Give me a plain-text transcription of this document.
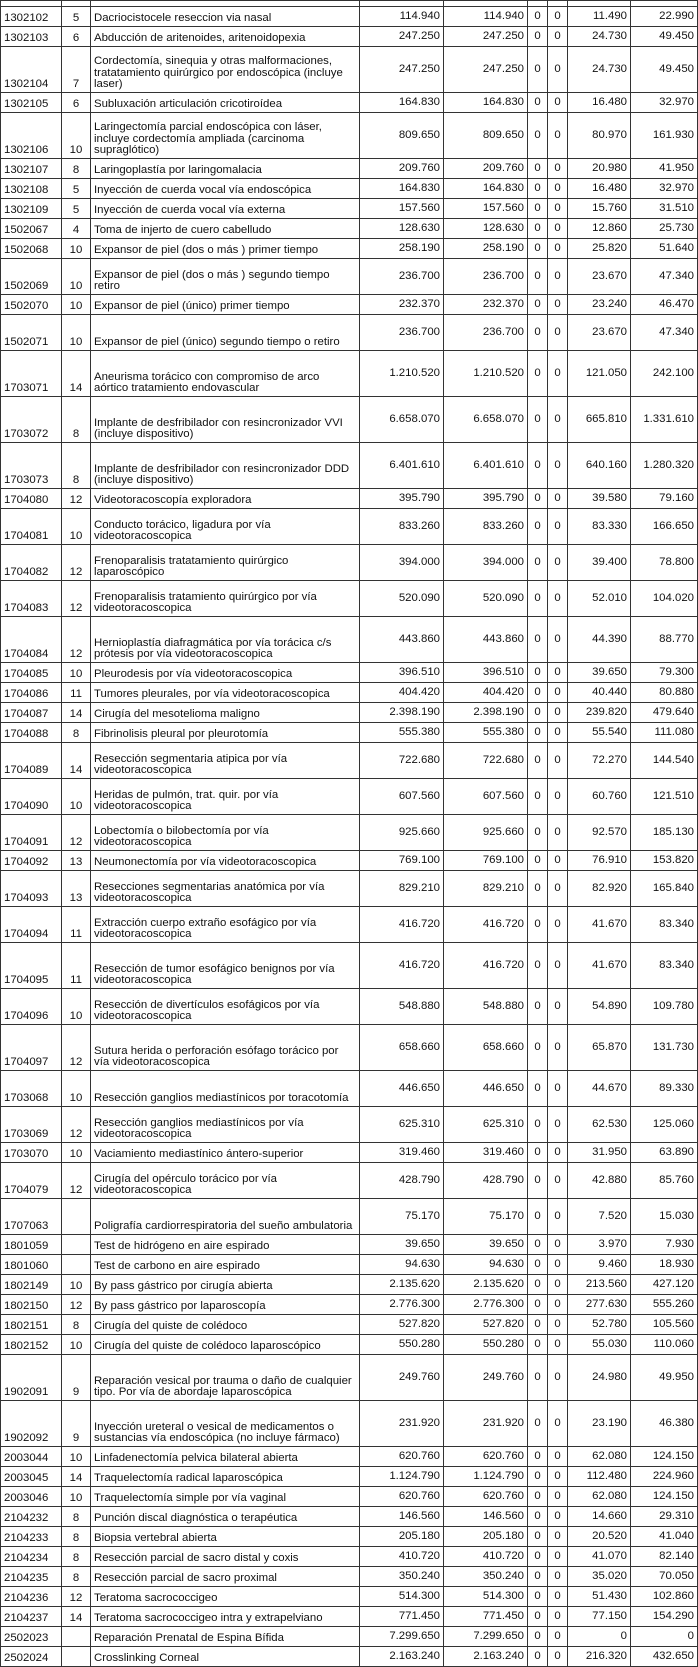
1302102	5	Dacriocistocele reseccion via nasal	114.940	114.940	0	0	11.490	22.990
1302103	6	Abducción de aritenoides, aritenoidopexia	247.250	247.250	0	0	24.730	49.450
1302104	7	Cordectomía, sinequia y otras malformaciones, tratatamiento quirúrgico por endoscópica (incluye laser)	247.250	247.250	0	0	24.730	49.450
1302105	6	Subluxación articulación cricotiroídea	164.830	164.830	0	0	16.480	32.970
1302106	10	Laringectomía parcial endoscópica con láser, incluye cordectomía ampliada (carcinoma supraglótico)	809.650	809.650	0	0	80.970	161.930
1302107	8	Laringoplastía por laringomalacia	209.760	209.760	0	0	20.980	41.950
1302108	5	Inyección de cuerda vocal vía endoscópica	164.830	164.830	0	0	16.480	32.970
1302109	5	Inyección de cuerda vocal vía externa	157.560	157.560	0	0	15.760	31.510
1502067	4	Toma de injerto de cuero cabelludo	128.630	128.630	0	0	12.860	25.730
1502068	10	Expansor de piel (dos o más ) primer tiempo	258.190	258.190	0	0	25.820	51.640
1502069	10	Expansor de piel (dos o más ) segundo tiempo retiro	236.700	236.700	0	0	23.670	47.340
1502070	10	Expansor de piel (único) primer tiempo	232.370	232.370	0	0	23.240	46.470
1502071	10	Expansor de piel (único) segundo tiempo o retiro	236.700	236.700	0	0	23.670	47.340
1703071	14	Aneurisma torácico con compromiso de arco aórtico tratamiento endovascular	1.210.520	1.210.520	0	0	121.050	242.100
1703072	8	Implante de desfribilador con resincronizador VVI (incluye dispositivo)	6.658.070	6.658.070	0	0	665.810	1.331.610
1703073	8	Implante de desfribilador con resincronizador DDD (incluye dispositivo)	6.401.610	6.401.610	0	0	640.160	1.280.320
1704080	12	Videotoracoscopía exploradora	395.790	395.790	0	0	39.580	79.160
1704081	10	Conducto torácico, ligadura por vía videotoracoscopica	833.260	833.260	0	0	83.330	166.650
1704082	12	Frenoparalisis tratatamiento quirúrgico laparoscópico	394.000	394.000	0	0	39.400	78.800
1704083	12	Frenoparalisis tratamiento quirúrgico por vía videotoracoscopica	520.090	520.090	0	0	52.010	104.020
1704084	12	Hernioplastía diafragmática por vía torácica c/s prótesis por vía videotoracoscopica	443.860	443.860	0	0	44.390	88.770
1704085	10	Pleurodesis por vía videotoracoscopica	396.510	396.510	0	0	39.650	79.300
1704086	11	Tumores pleurales, por vía videotoracoscopica	404.420	404.420	0	0	40.440	80.880
1704087	14	Cirugía del mesotelioma maligno	2.398.190	2.398.190	0	0	239.820	479.640
1704088	8	Fibrinolisis pleural por pleurotomía	555.380	555.380	0	0	55.540	111.080
1704089	14	Resección segmentaria atipica por vía videotoracoscopica	722.680	722.680	0	0	72.270	144.540
1704090	10	Heridas de pulmón, trat. quir. por vía videotoracoscopica	607.560	607.560	0	0	60.760	121.510
1704091	12	Lobectomía o bilobectomía por vía videotoracoscopica	925.660	925.660	0	0	92.570	185.130
1704092	13	Neumonectomía por vía videotoracoscopica	769.100	769.100	0	0	76.910	153.820
1704093	13	Resecciones segmentarias anatómica por vía videotoracoscopica	829.210	829.210	0	0	82.920	165.840
1704094	11	Extracción cuerpo extraño esofágico por vía videotoracoscopica	416.720	416.720	0	0	41.670	83.340
1704095	11	Resección de tumor esofágico benignos por vía videotoracoscopica	416.720	416.720	0	0	41.670	83.340
1704096	10	Resección de divertículos esofágicos por vía videotoracoscopica	548.880	548.880	0	0	54.890	109.780
1704097	12	Sutura herida o perforación esófago torácico por vía videotoracoscopica	658.660	658.660	0	0	65.870	131.730
1703068	10	Resección ganglios mediastínicos por toracotomía	446.650	446.650	0	0	44.670	89.330
1703069	12	Resección ganglios mediastínicos por vía videotoracoscopica	625.310	625.310	0	0	62.530	125.060
1703070	10	Vaciamiento mediastínico ántero-superior	319.460	319.460	0	0	31.950	63.890
1704079	12	Cirugía del opérculo torácico por vía videotoracoscopica	428.790	428.790	0	0	42.880	85.760
1707063		Poligrafía cardiorrespiratoria del sueño ambulatoria	75.170	75.170	0	0	7.520	15.030
1801059		Test de hidrógeno en aire espirado	39.650	39.650	0	0	3.970	7.930
1801060		Test de carbono en aire espirado	94.630	94.630	0	0	9.460	18.930
1802149	10	By pass gástrico por cirugía abierta	2.135.620	2.135.620	0	0	213.560	427.120
1802150	12	By pass gástrico por laparoscopía	2.776.300	2.776.300	0	0	277.630	555.260
1802151	8	Cirugía del quiste de colédoco	527.820	527.820	0	0	52.780	105.560
1802152	10	Cirugía del quiste de colédoco laparoscópico	550.280	550.280	0	0	55.030	110.060
1902091	9	Reparación vesical por trauma o daño de cualquier tipo. Por vía de abordaje laparoscópica	249.760	249.760	0	0	24.980	49.950
1902092	9	Inyección ureteral o vesical de medicamentos o sustancias vía endoscópica (no incluye fármaco)	231.920	231.920	0	0	23.190	46.380
2003044	10	Linfadenectomía pelvica bilateral abierta	620.760	620.760	0	0	62.080	124.150
2003045	14	Traquelectomía radical laparoscópica	1.124.790	1.124.790	0	0	112.480	224.960
2003046	10	Traquelectomía simple por vía vaginal	620.760	620.760	0	0	62.080	124.150
2104232	8	Punción discal diagnóstica o terapéutica	146.560	146.560	0	0	14.660	29.310
2104233	8	Biopsia vertebral abierta	205.180	205.180	0	0	20.520	41.040
2104234	8	Resección parcial de sacro distal y coxis	410.720	410.720	0	0	41.070	82.140
2104235	8	Resección parcial de sacro proximal	350.240	350.240	0	0	35.020	70.050
2104236	12	Teratoma sacrococcigeo	514.300	514.300	0	0	51.430	102.860
2104237	14	Teratoma sacrococcigeo intra y extrapelviano	771.450	771.450	0	0	77.150	154.290
2502023		Reparación Prenatal de Espina Bífida	7.299.650	7.299.650	0	0	0	0
2502024		Crosslinking Corneal	2.163.240	2.163.240	0	0	216.320	432.650
